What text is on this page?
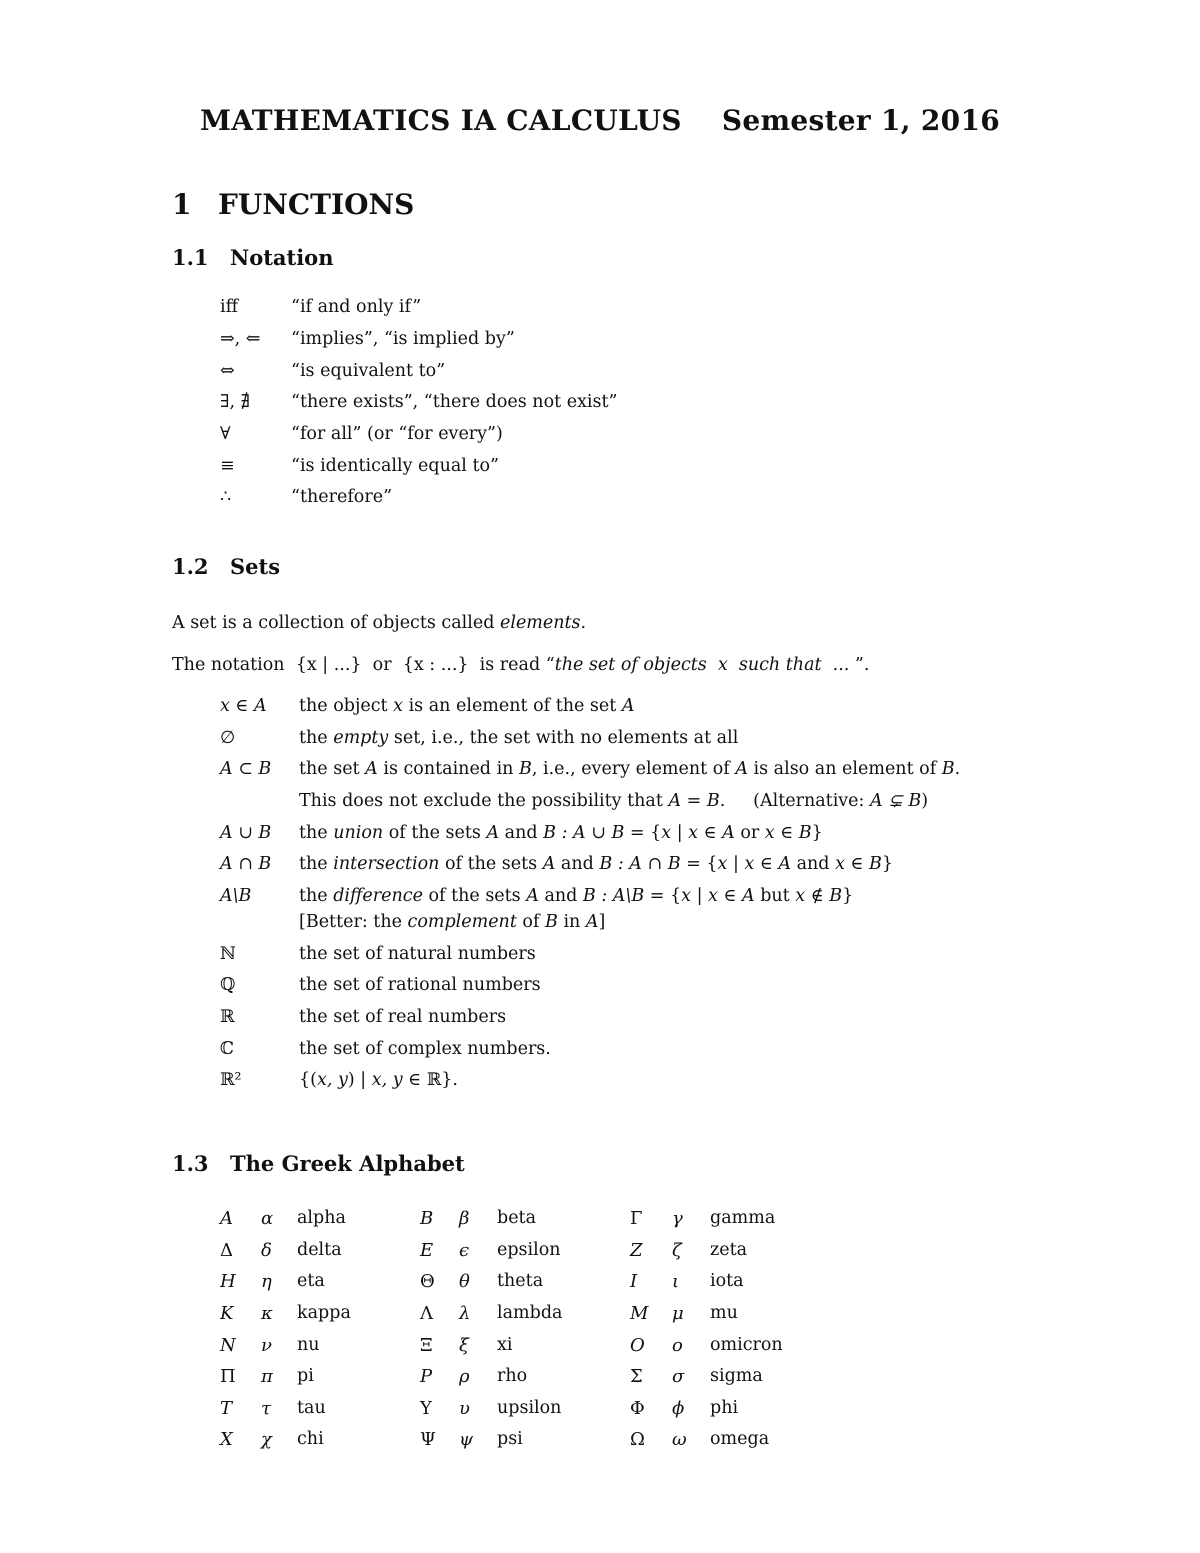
MATHEMATICS IA CALCULUS Semester 1, 2016
1 FUNCTIONS
1.1 Notation
iff	“if and only if”
⇒, ⇐ “implies”, “is implied by”
⇔	“is equivalent to”
∃, ∄ “there exists”, “there does not exist”
∀	“for all” (or “for every”)
≡	“is identically equal to”
∴	“therefore”
1.2 Sets
A set is a collection of objects called elements.
The notation  {x | ...}  or  {x : ...}  is read “the set of objects  x  such that  ... ”.
x ∈ A the object x is an element of the set A
∅	the empty set, i.e., the set with no elements at all
A ⊂ B the set A is contained in B, i.e., every element of A is also an element of B.
This does not exclude the possibility that A = B.     (Alternative: A ⊊ B)
A ∪ B the union of the sets A and B : A ∪ B = {x | x ∈ A or x ∈ B}
A ∩ B the intersection of the sets A and B : A ∩ B = {x | x ∈ A and x ∈ B}
A\B	the difference of the sets A and B : A\B = {x | x ∈ A but x ∉ B}
[Better: the complement of B in A]
ℕ	the set of natural numbers
ℚ	the set of rational numbers
ℝ	the set of real numbers
ℂ	the set of complex numbers.
ℝ²	{(x, y) | x, y ∈ ℝ}.
1.3 The Greek Alphabet
A α alpha	B β beta	Γ γ gamma
Δ δ delta	E ϵ epsilon	Z ζ zeta
H η eta	Θ θ theta	I ι iota
K κ kappa	Λ λ lambda	M μ mu
N ν nu	Ξ ξ xi	O o omicron
Π π pi	P ρ rho	Σ σ sigma
T τ tau	Υ υ upsilon	Φ ϕ phi
X χ chi	Ψ ψ psi	Ω ω omega
